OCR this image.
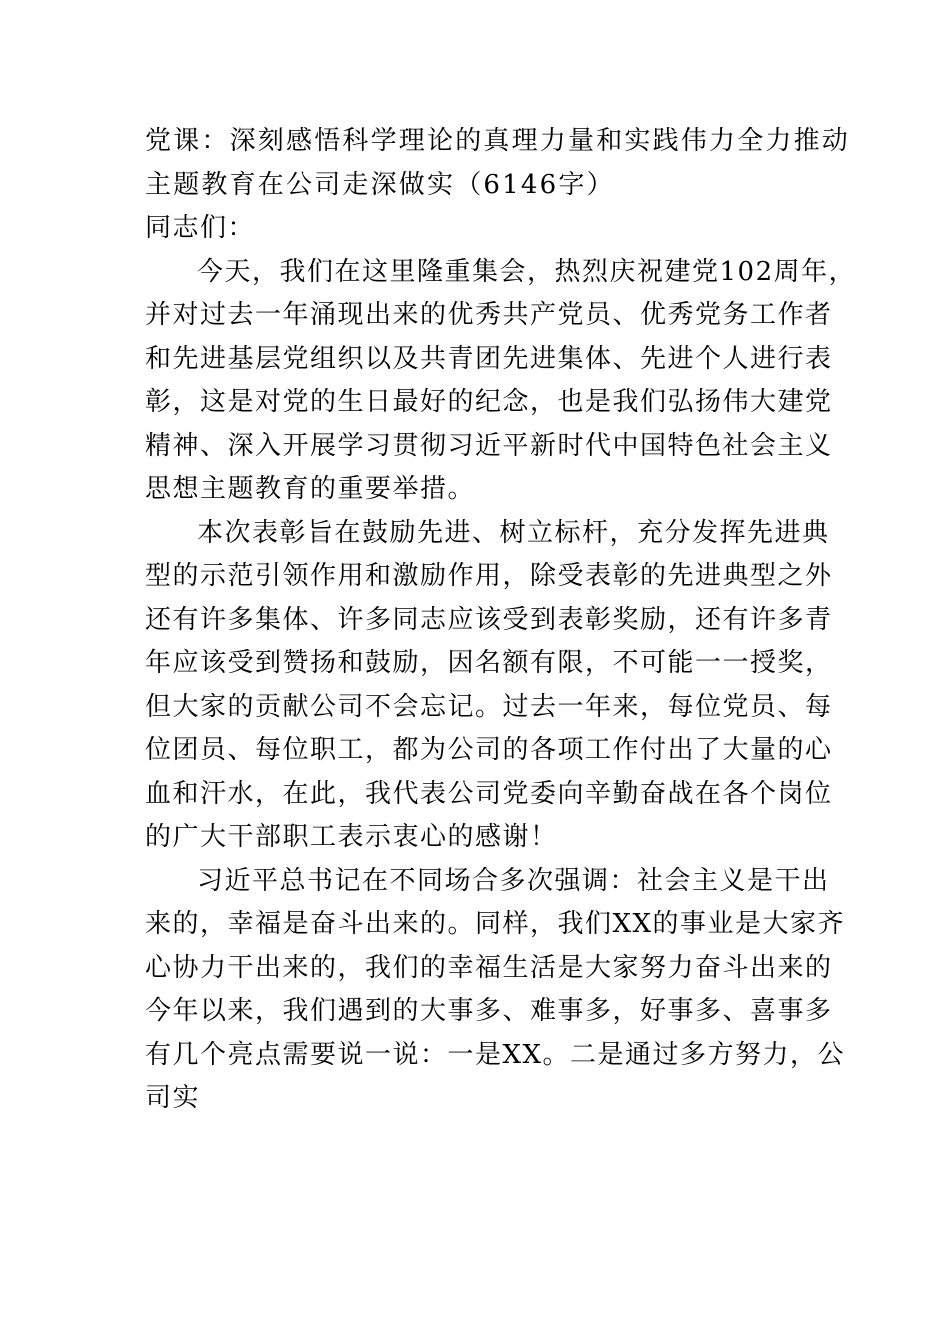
党课：深刻感悟科学理论的真理力量和实践伟力全力推动
主题教育在公司走深做实（6146字）
同志们：
今天，我们在这里隆重集会，热烈庆祝建党102周年，
并对过去一年涌现出来的优秀共产党员、优秀党务工作者
和先进基层党组织以及共青团先进集体、先进个人进行表
彰，这是对党的生日最好的纪念，也是我们弘扬伟大建党
精神、深入开展学习贯彻习近平新时代中国特色社会主义
思想主题教育的重要举措。
本次表彰旨在鼓励先进、树立标杆，充分发挥先进典
型的示范引领作用和激励作用，除受表彰的先进典型之外
还有许多集体、许多同志应该受到表彰奖励，还有许多青
年应该受到赞扬和鼓励，因名额有限，不可能一一授奖，
但大家的贡献公司不会忘记。过去一年来，每位党员、每
位团员、每位职工，都为公司的各项工作付出了大量的心
血和汗水，在此，我代表公司党委向辛勤奋战在各个岗位
的广大干部职工表示衷心的感谢！
习近平总书记在不同场合多次强调：社会主义是干出
来的，幸福是奋斗出来的。同样，我们XX的事业是大家齐
心协力干出来的，我们的幸福生活是大家努力奋斗出来的
今年以来，我们遇到的大事多、难事多，好事多、喜事多
有几个亮点需要说一说：一是XX。二是通过多方努力，公
司实
